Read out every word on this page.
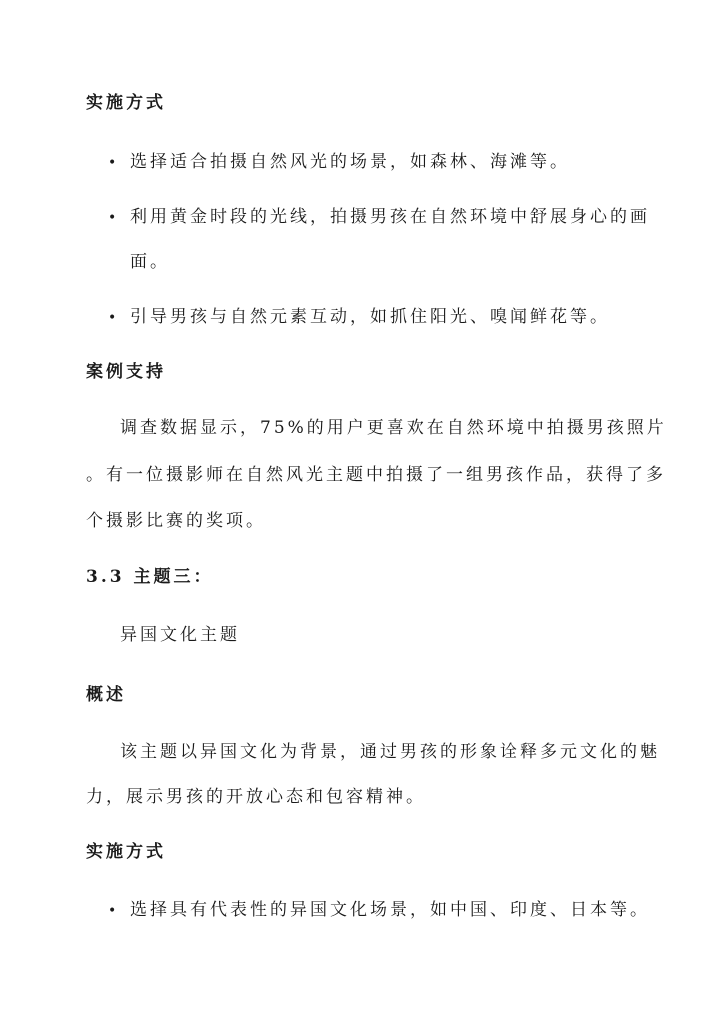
实施方式
• 选择适合拍摄自然风光的场景，如森林、海滩等。
• 利用黄金时段的光线，拍摄男孩在自然环境中舒展身心的画
面。
• 引导男孩与自然元素互动，如抓住阳光、嗅闻鲜花等。
案例支持
调查数据显示，75%的用户更喜欢在自然环境中拍摄男孩照片
。有一位摄影师在自然风光主题中拍摄了一组男孩作品，获得了多
个摄影比赛的奖项。
3.3 主题三：
异国文化主题
概述
该主题以异国文化为背景，通过男孩的形象诠释多元文化的魅
力，展示男孩的开放心态和包容精神。
实施方式
• 选择具有代表性的异国文化场景，如中国、印度、日本等。
